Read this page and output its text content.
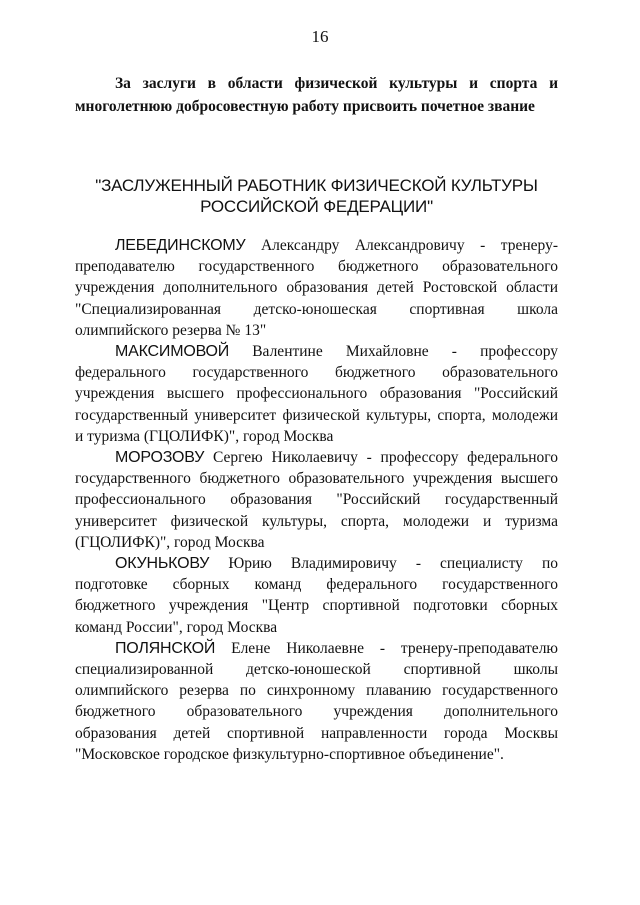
16
За заслуги в области физической культуры и спорта и многолетнюю добросовестную работу присвоить почетное звание
"ЗАСЛУЖЕННЫЙ РАБОТНИК ФИЗИЧЕСКОЙ КУЛЬТУРЫ
РОССИЙСКОЙ ФЕДЕРАЦИИ"

ЛЕБЕДИНСКОМУ Александру Александровичу - тренеру-преподавателю государственного бюджетного образовательного учреждения дополнительного образования детей Ростовской области "Специализированная детско-юношеская спортивная школа олимпийского резерва № 13"

МАКСИМОВОЙ Валентине Михайловне - профессору федерального государственного бюджетного образовательного учреждения высшего профессионального образования "Российский государственный университет физической культуры, спорта, молодежи и туризма (ГЦОЛИФК)", город Москва

МОРОЗОВУ Сергею Николаевичу - профессору федерального государственного бюджетного образовательного учреждения высшего профессионального образования "Российский государственный университет физической культуры, спорта, молодежи и туризма (ГЦОЛИФК)", город Москва

ОКУНЬКОВУ Юрию Владимировичу - специалисту по подготовке сборных команд федерального государственного бюджетного учреждения "Центр спортивной подготовки сборных команд России", город Москва

ПОЛЯНСКОЙ Елене Николаевне - тренеру-преподавателю специализированной детско-юношеской спортивной школы олимпийского резерва по синхронному плаванию государственного бюджетного образовательного учреждения дополнительного образования детей спортивной направленности города Москвы "Московское городское физкультурно-спортивное объединение".
